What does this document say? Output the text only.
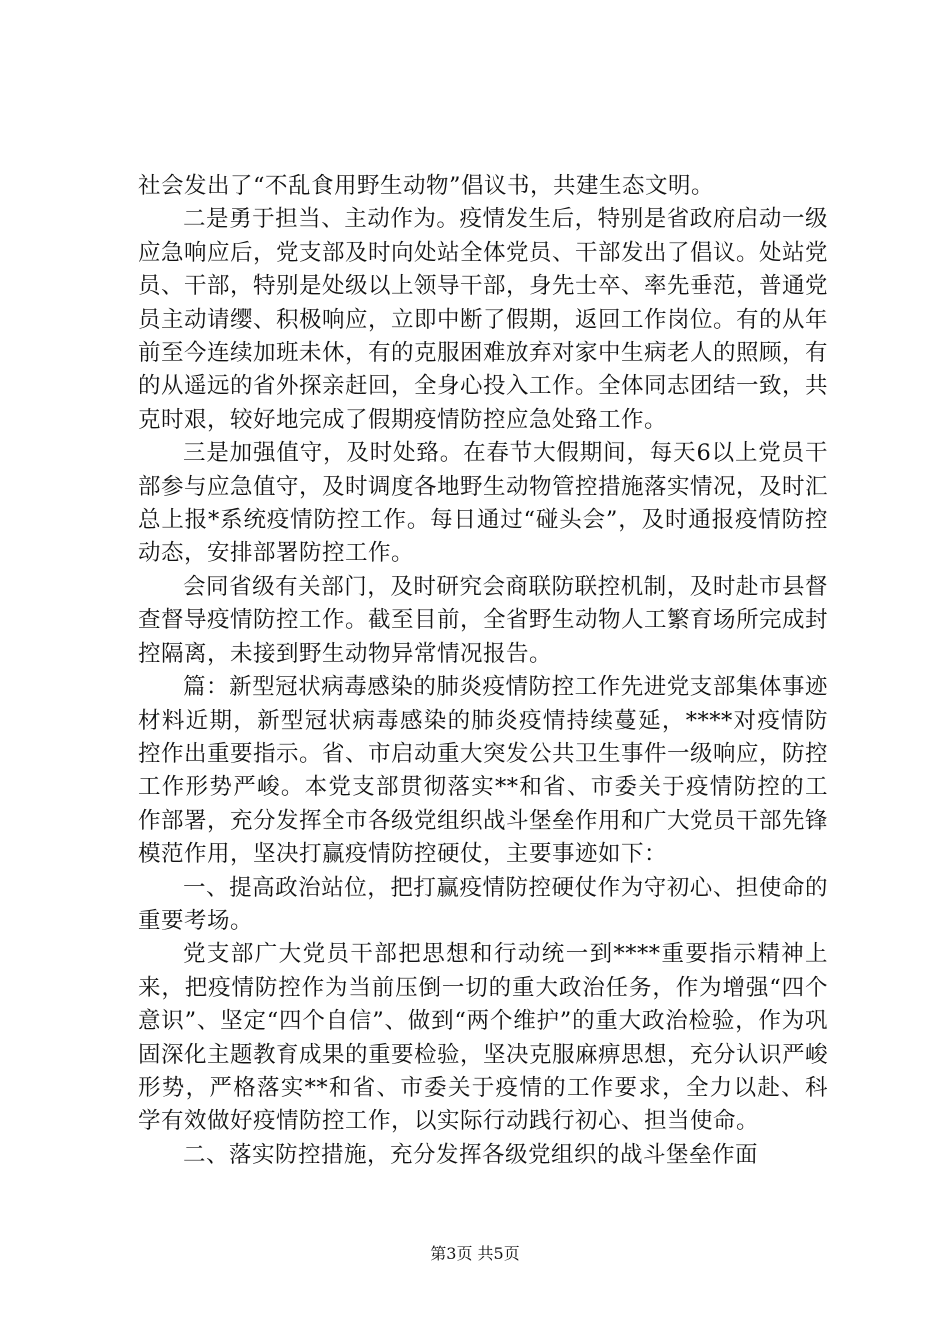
社会发出了“不乱食用野生动物”倡议书，共建生态文明。

二是勇于担当、主动作为。疫情发生后，特别是省政府启动一级应急响应后，党支部及时向处站全体党员、干部发出了倡议。处站党员、干部，特别是处级以上领导干部，身先士卒、率先垂范，普通党员主动请缨、积极响应，立即中断了假期，返回工作岗位。有的从年前至今连续加班未休，有的克服困难放弃对家中生病老人的照顾，有的从遥远的省外探亲赶回，全身心投入工作。全体同志团结一致，共克时艰，较好地完成了假期疫情防控应急处臵工作。

三是加强值守，及时处臵。在春节大假期间，每天6以上党员干部参与应急值守，及时调度各地野生动物管控措施落实情况，及时汇总上报*系统疫情防控工作。每日通过“碰头会”，及时通报疫情防控动态，安排部署防控工作。

会同省级有关部门，及时研究会商联防联控机制，及时赴市县督查督导疫情防控工作。截至目前，全省野生动物人工繁育场所完成封控隔离，未接到野生动物异常情况报告。

篇：新型冠状病毒感染的肺炎疫情防控工作先进党支部集体事迹材料近期，新型冠状病毒感染的肺炎疫情持续蔓延，****对疫情防控作出重要指示。省、市启动重大突发公共卫生事件一级响应，防控工作形势严峻。本党支部贯彻落实**和省、市委关于疫情防控的工作部署，充分发挥全市各级党组织战斗堡垒作用和广大党员干部先锋模范作用，坚决打赢疫情防控硬仗，主要事迹如下：

一、提高政治站位，把打赢疫情防控硬仗作为守初心、担使命的重要考场。

党支部广大党员干部把思想和行动统一到****重要指示精神上来，把疫情防控作为当前压倒一切的重大政治任务，作为增强“四个意识”、坚定“四个自信”、做到“两个维护”的重大政治检验，作为巩固深化主题教育成果的重要检验，坚决克服麻痹思想，充分认识严峻形势，严格落实**和省、市委关于疫情的工作要求，全力以赴、科学有效做好疫情防控工作，以实际行动践行初心、担当使命。

二、落实防控措施，充分发挥各级党组织的战斗堡垒作面

第3页 共5页
